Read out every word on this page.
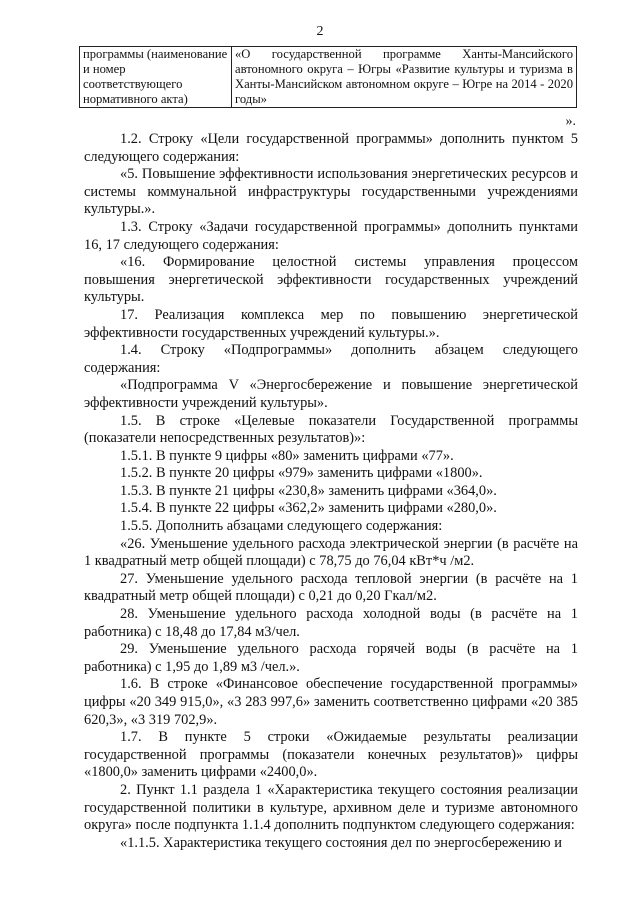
2
программы (наименование и номер соответствующего нормативного акта)	«О государственной программе Ханты-Мансийского автономного округа – Югры «Развитие культуры и туризма в Ханты-Мансийском автономном округе – Югре на 2014 - 2020 годы»
».

1.2. Строку «Цели государственной программы» дополнить пунктом 5 следующего содержания:

«5. Повышение эффективности использования энергетических ресурсов и системы коммунальной инфраструктуры государственными учреждениями культуры.».

1.3. Строку «Задачи государственной программы» дополнить пунктами 16, 17 следующего содержания:

«16. Формирование целостной системы управления процессом повышения энергетической эффективности государственных учреждений культуры.

17. Реализация комплекса мер по повышению энергетической эффективности государственных учреждений культуры.».

1.4. Строку «Подпрограммы» дополнить абзацем следующего содержания:

«Подпрограмма V «Энергосбережение и повышение энергетической эффективности учреждений культуры».

1.5. В строке «Целевые показатели Государственной программы (показатели непосредственных результатов)»:

1.5.1. В пункте 9 цифры «80» заменить цифрами «77».

1.5.2. В пункте 20 цифры «979» заменить цифрами «1800».

1.5.3. В пункте 21 цифры «230,8» заменить цифрами «364,0».

1.5.4. В пункте 22 цифры «362,2» заменить цифрами «280,0».

1.5.5. Дополнить абзацами следующего содержания:

«26. Уменьшение удельного расхода электрической энергии (в расчёте на 1 квадратный метр общей площади) с 78,75 до 76,04 кВт*ч /м2.

27. Уменьшение удельного расхода тепловой энергии (в расчёте на 1 квадратный метр общей площади) с 0,21 до 0,20 Гкал/м2.

28. Уменьшение удельного расхода холодной воды (в расчёте на 1 работника) с 18,48 до 17,84 м3/чел.

29. Уменьшение удельного расхода горячей воды (в расчёте на 1 работника) с 1,95 до 1,89 м3 /чел.».

1.6. В строке «Финансовое обеспечение государственной программы» цифры «20 349 915,0», «3 283 997,6» заменить соответственно цифрами «20 385 620,3», «3 319 702,9».

1.7. В пункте 5 строки «Ожидаемые результаты реализации государственной программы (показатели конечных результатов)» цифры «1800,0» заменить цифрами «2400,0».

2. Пункт 1.1 раздела 1 «Характеристика текущего состояния реализации государственной политики в культуре, архивном деле и туризме автономного округа» после подпункта 1.1.4 дополнить подпунктом следующего содержания:

«1.1.5. Характеристика текущего состояния дел по энергосбережению и
